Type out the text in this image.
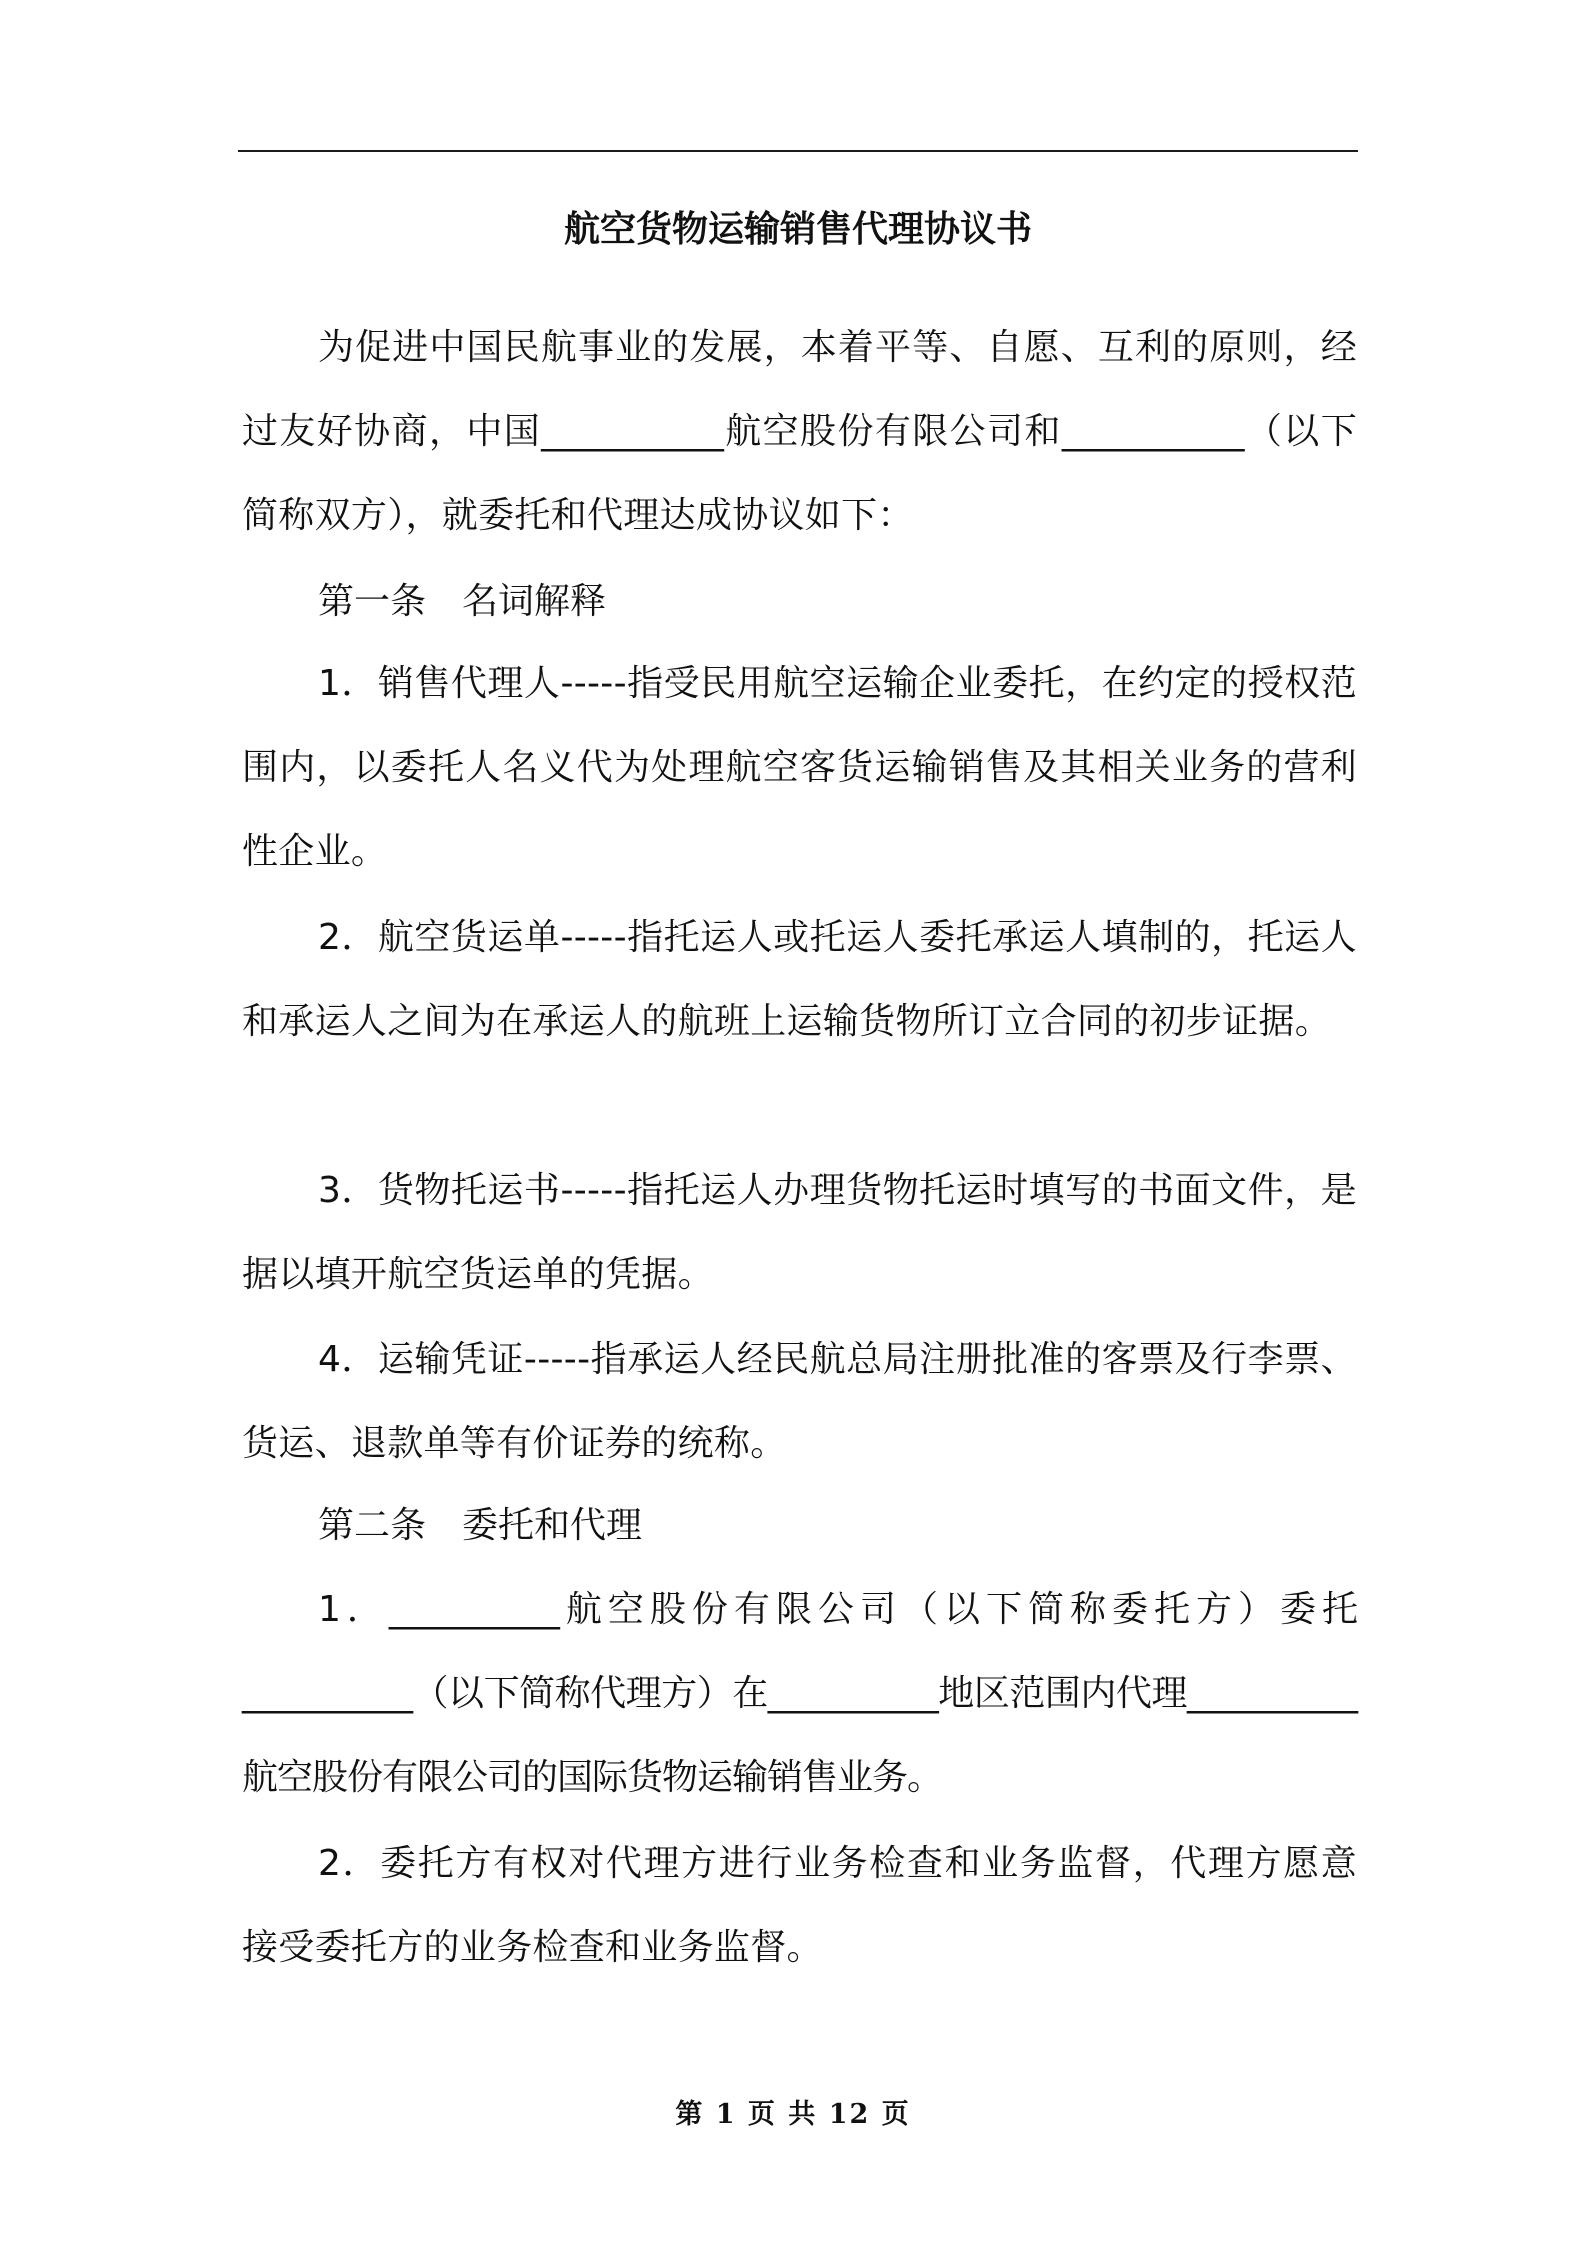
航空货物运输销售代理协议书

为促进中国民航事业的发展，本着平等、自愿、互利的原则，经过友好协商，中国__________航空股份有限公司和__________（以下简称双方），就委托和代理达成协议如下：

第一条　名词解释

1．销售代理人-----指受民用航空运输企业委托，在约定的授权范围内，以委托人名义代为处理航空客货运输销售及其相关业务的营利性企业。

2．航空货运单-----指托运人或托运人委托承运人填制的，托运人和承运人之间为在承运人的航班上运输货物所订立合同的初步证据。

3．货物托运书-----指托运人办理货物托运时填写的书面文件，是据以填开航空货运单的凭据。

4．运输凭证-----指承运人经民航总局注册批准的客票及行李票、货运、退款单等有价证券的统称。

第二条　委托和代理

1．__________航空股份有限公司（以下简称委托方）委托__________（以下简称代理方）在__________地区范围内代理__________航空股份有限公司的国际货物运输销售业务。

2．委托方有权对代理方进行业务检查和业务监督，代理方愿意接受委托方的业务检查和业务监督。

第 1 页 共 12 页
